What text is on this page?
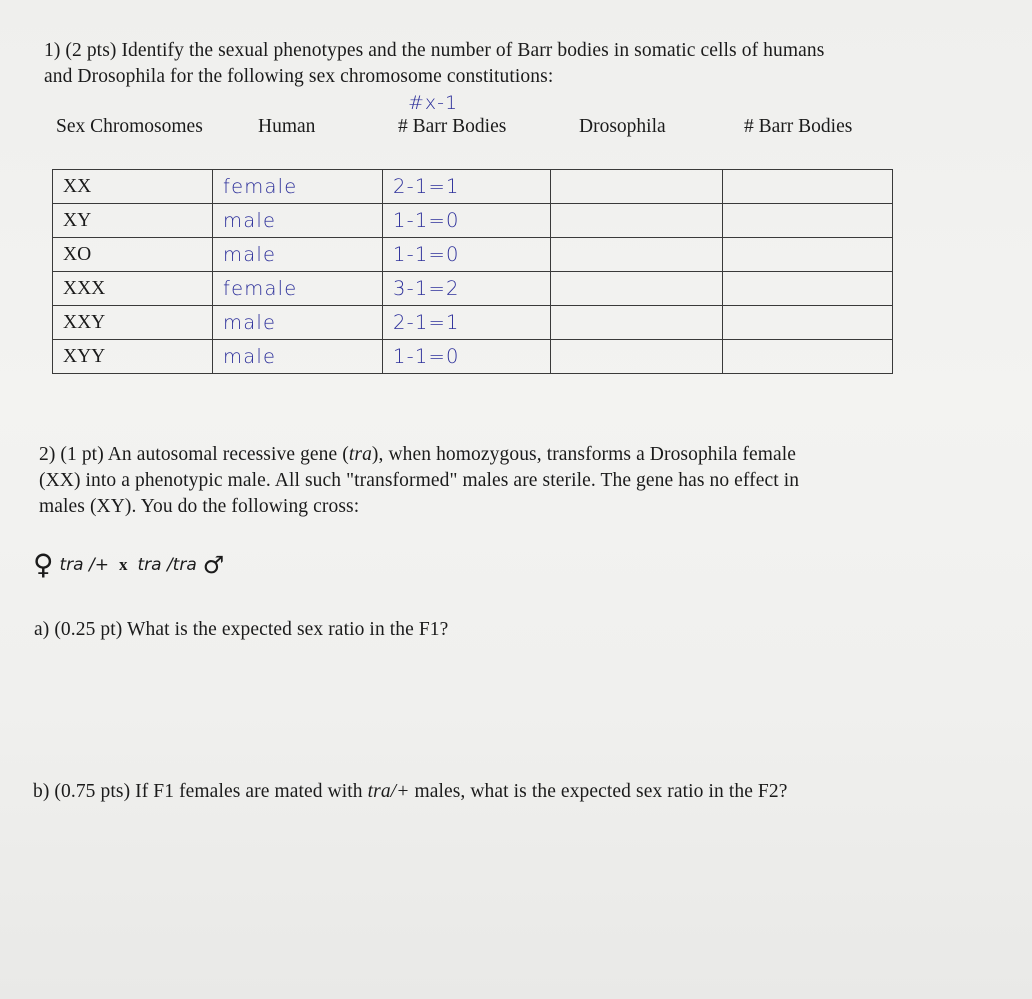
1) (2 pts) Identify the sexual phenotypes and the number of Barr bodies in somatic cells of humans
and Drosophila for the following sex chromosome constitutions:
#x-1
Sex Chromosomes	Human	# Barr Bodies	Drosophila	# Barr Bodies
XX	female	2-1=1		
XY	male	1-1=0		
XO	male	1-1=0		
XXX	female	3-1=2		
XXY	male	2-1=1		
XYY	male	1-1=0		
2) (1 pt) An autosomal recessive gene (tra), when homozygous, transforms a Drosophila female
(XX) into a phenotypic male. All such "transformed" males are sterile. The gene has no effect in
males (XY). You do the following cross:
♀ tra /+ x tra /tra ♂
a) (0.25 pt) What is the expected sex ratio in the F1?
b) (0.75 pts) If F1 females are mated with tra/+ males, what is the expected sex ratio in the F2?
